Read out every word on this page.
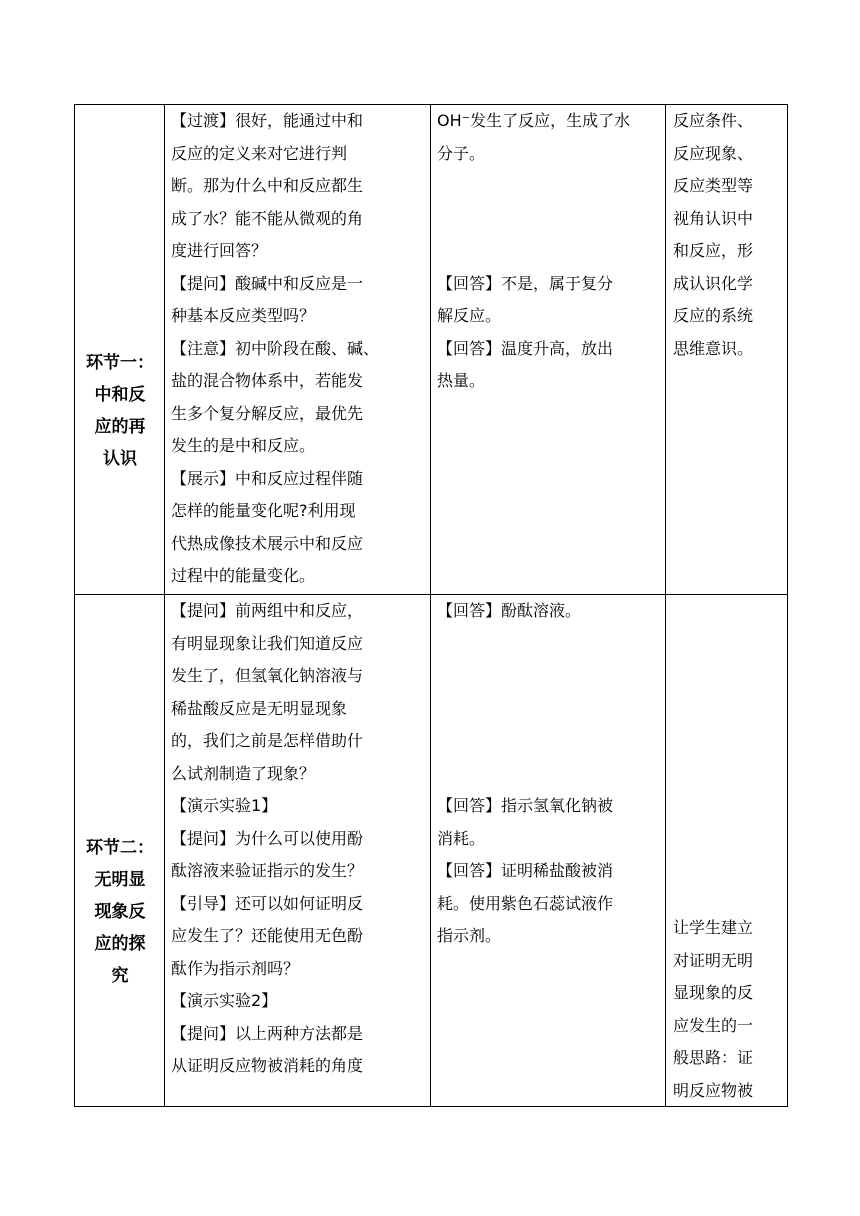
环节一：

中和反

应的再

认识

【过渡】很好，能通过中和

反应的定义来对它进行判

断。那为什么中和反应都生

成了水？能不能从微观的角

度进行回答？

【提问】酸碱中和反应是一

种基本反应类型吗？

【注意】初中阶段在酸、碱、

盐的混合物体系中，若能发

生多个复分解反应，最优先

发生的是中和反应。

【展示】中和反应过程伴随

怎样的能量变化呢?利用现

代热成像技术展示中和反应

过程中的能量变化。

OH⁻发生了反应，生成了水

分子。

【回答】不是，属于复分

解反应。

【回答】温度升高，放出

热量。

反应条件、

反应现象、

反应类型等

视角认识中

和反应，形

成认识化学

反应的系统

思维意识。

环节二：

无明显

现象反

应的探

究

【提问】前两组中和反应，

有明显现象让我们知道反应

发生了，但氢氧化钠溶液与

稀盐酸反应是无明显现象

的，我们之前是怎样借助什

么试剂制造了现象？

【演示实验1】

【提问】为什么可以使用酚

酞溶液来验证指示的发生？

【引导】还可以如何证明反

应发生了？还能使用无色酚

酞作为指示剂吗？

【演示实验2】

【提问】以上两种方法都是

从证明反应物被消耗的角度

【回答】酚酞溶液。

【回答】指示氢氧化钠被

消耗。

【回答】证明稀盐酸被消

耗。使用紫色石蕊试液作

指示剂。	让学生建立

对证明无明

显现象的反

应发生的一

般思路：证

明反应物被
